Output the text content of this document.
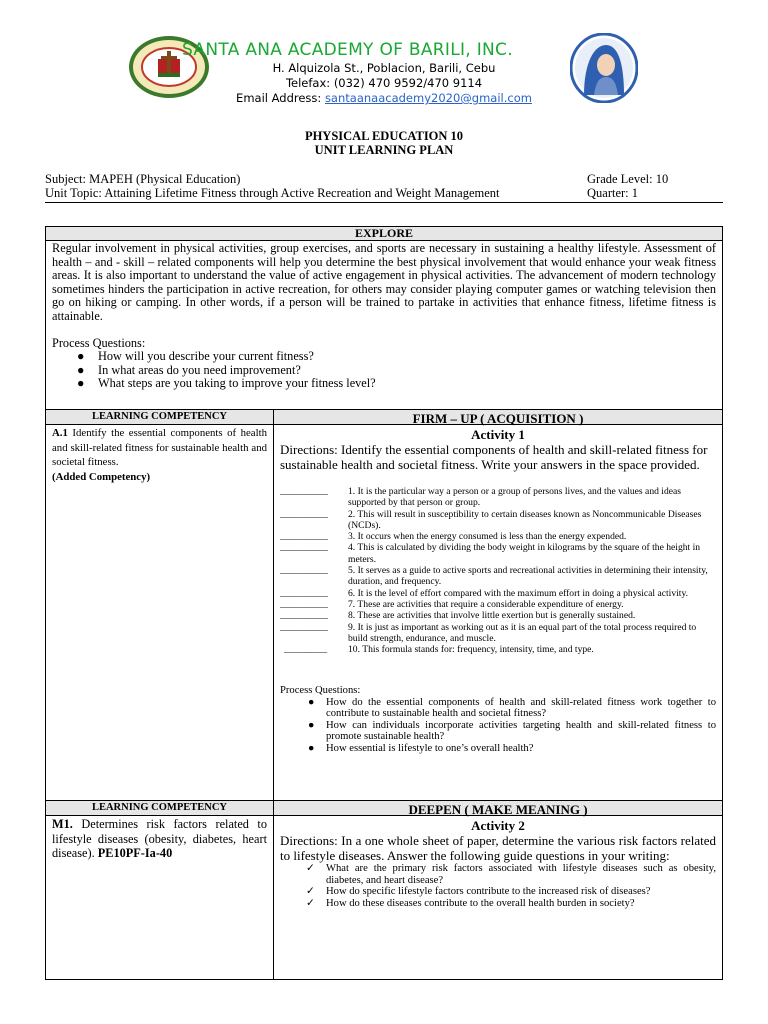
SANTA ANA ACADEMY OF BARILI, INC.
H. Alquizola St., Poblacion, Barili, Cebu
Telefax: (032) 470 9592/470 9114
Email Address: santaanaacademy2020@gmail.com
PHYSICAL EDUCATION 10
UNIT LEARNING PLAN
Subject: MAPEH (Physical Education)	Grade Level: 10
Unit Topic: Attaining Lifetime Fitness through Active Recreation and Weight Management	Quarter: 1
EXPLORE
Regular involvement in physical activities, group exercises, and sports are necessary in sustaining a healthy lifestyle. Assessment of health – and - skill – related components will help you determine the best physical involvement that would enhance your weak fitness areas. It is also important to understand the value of active engagement in physical activities. The advancement of modern technology sometimes hinders the participation in active recreation, for others may consider playing computer games or watching television then go on hiking or camping. In other words, if a person will be trained to partake in activities that enhance fitness, lifetime fitness is attainable.
Process Questions:
● How will you describe your current fitness?
● In what areas do you need improvement?
● What steps are you taking to improve your fitness level?
LEARNING COMPETENCY	FIRM – UP ( ACQUISITION )
A.1 Identify the essential components of health and skill-related fitness for sustainable health and societal fitness.
(Added Competency)
Activity 1
Directions: Identify the essential components of health and skill-related fitness for sustainable health and societal fitness. Write your answers in the space provided.
__________	1. It is the particular way a person or a group of persons lives, and the values and ideas supported by that person or group.
__________	2. This will result in susceptibility to certain diseases known as Noncommunicable Diseases (NCDs).
__________	3. It occurs when the energy consumed is less than the energy expended.
__________	4. This is calculated by dividing the body weight in kilograms by the square of the height in meters.
__________	5. It serves as a guide to active sports and recreational activities in determining their intensity, duration, and frequency.
__________	6. It is the level of effort compared with the maximum effort in doing a physical activity.
__________	7. These are activities that require a considerable expenditure of energy.
__________	8. These are activities that involve little exertion but is generally sustained.
__________	9. It is just as important as working out as it is an equal part of the total process required to build strength, endurance, and muscle.
_________	10. This formula stands for: frequency, intensity, time, and type.
Process Questions:
● How do the essential components of health and skill-related fitness work together to contribute to sustainable health and societal fitness?
● How can individuals incorporate activities targeting health and skill-related fitness to promote sustainable health?
● How essential is lifestyle to one’s overall health?
LEARNING COMPETENCY	DEEPEN ( MAKE MEANING )
M1. Determines risk factors related to lifestyle diseases (obesity, diabetes, heart disease). PE10PF-Ia-40
Activity 2
Directions: In a one whole sheet of paper, determine the various risk factors related to lifestyle diseases. Answer the following guide questions in your writing:
✓ What are the primary risk factors associated with lifestyle diseases such as obesity, diabetes, and heart disease?
✓ How do specific lifestyle factors contribute to the increased risk of diseases?
✓ How do these diseases contribute to the overall health burden in society?
